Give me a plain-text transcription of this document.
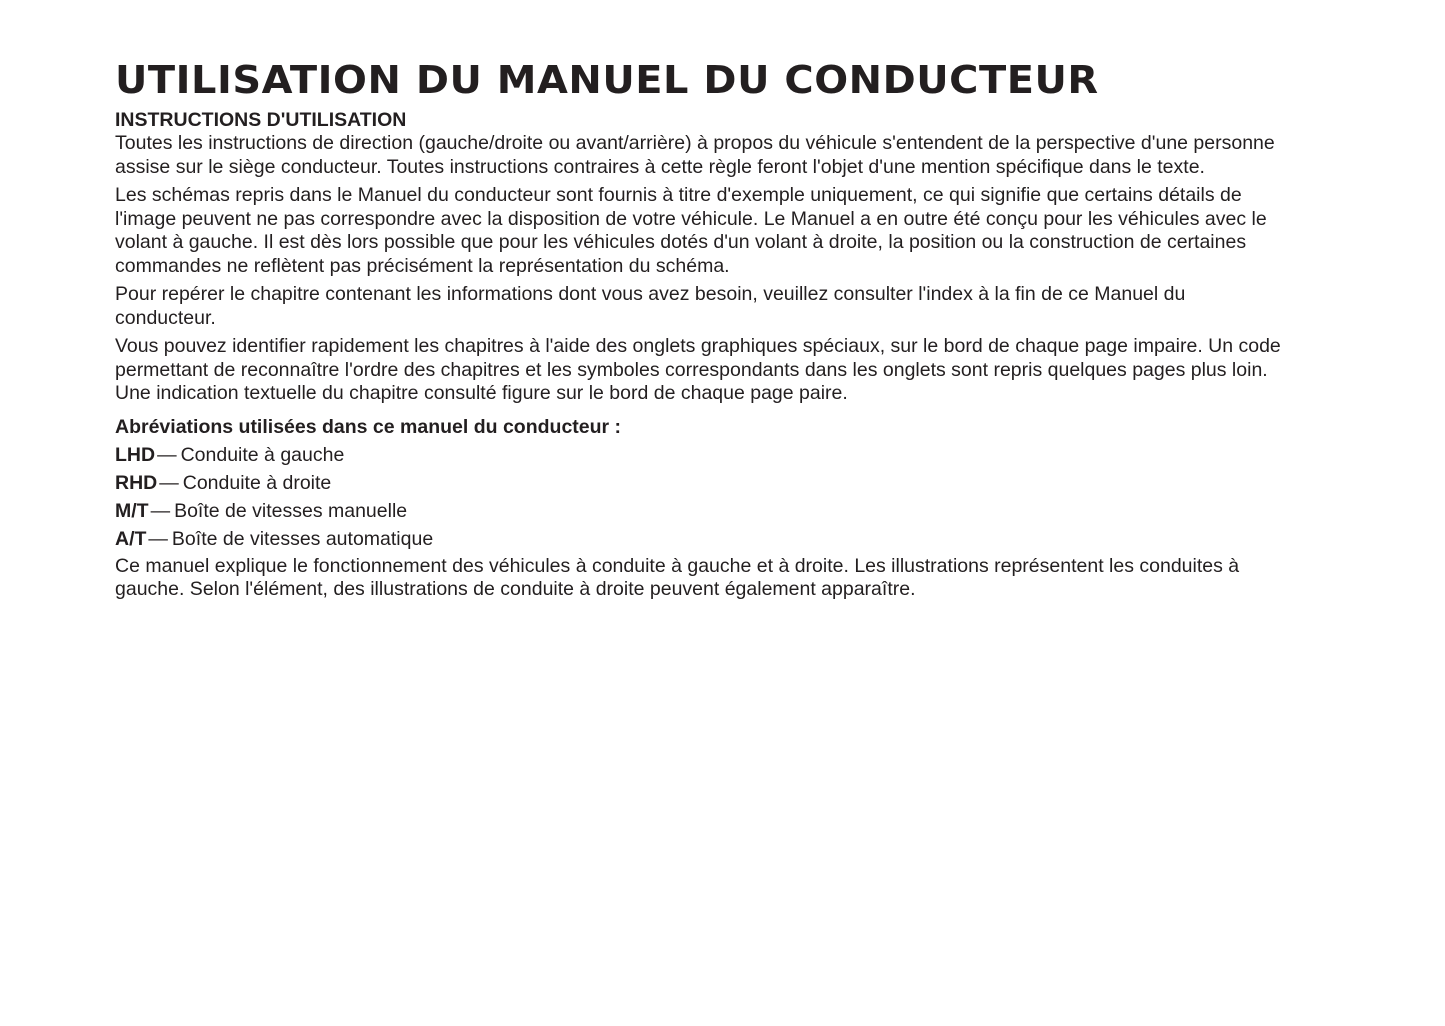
UTILISATION DU MANUEL DU CONDUCTEUR
INSTRUCTIONS D'UTILISATION

Toutes les instructions de direction (gauche/droite ou avant/arrière) à propos du véhicule s'entendent de la perspective d'une personne assise sur le siège conducteur. Toutes instructions contraires à cette règle feront l'objet d'une mention spécifique dans le texte.

Les schémas repris dans le Manuel du conducteur sont fournis à titre d'exemple uniquement, ce qui signifie que certains détails de l'image peuvent ne pas correspondre avec la disposition de votre véhicule. Le Manuel a en outre été conçu pour les véhicules avec le volant à gauche. Il est dès lors possible que pour les véhicules dotés d'un volant à droite, la position ou la construction de certaines commandes ne reflètent pas précisément la représentation du schéma.

Pour repérer le chapitre contenant les informations dont vous avez besoin, veuillez consulter l'index à la fin de ce Manuel du conducteur.

Vous pouvez identifier rapidement les chapitres à l'aide des onglets graphiques spéciaux, sur le bord de chaque page impaire. Un code permettant de reconnaître l'ordre des chapitres et les symboles correspondants dans les onglets sont repris quelques pages plus loin. Une indication textuelle du chapitre consulté figure sur le bord de chaque page paire.

Abréviations utilisées dans ce manuel du conducteur :
LHD — Conduite à gauche
RHD — Conduite à droite
M/T — Boîte de vitesses manuelle
A/T — Boîte de vitesses automatique

Ce manuel explique le fonctionnement des véhicules à conduite à gauche et à droite. Les illustrations représentent les conduites à gauche. Selon l'élément, des illustrations de conduite à droite peuvent également apparaître.
